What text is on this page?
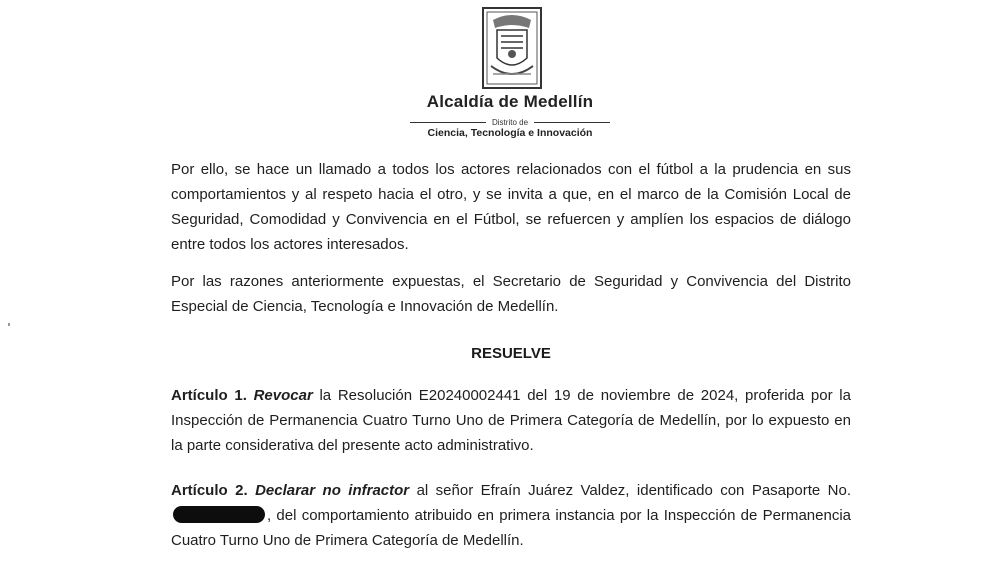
Alcaldía de Medellín
Distrito de
Ciencia, Tecnología e Innovación

Por ello, se hace un llamado a todos los actores relacionados con el fútbol a la prudencia en sus comportamientos y al respeto hacia el otro, y se invita a que, en el marco de la Comisión Local de Seguridad, Comodidad y Convivencia en el Fútbol, se refuercen y amplíen los espacios de diálogo entre todos los actores interesados.

Por las razones anteriormente expuestas, el Secretario de Seguridad y Convivencia del Distrito Especial de Ciencia, Tecnología e Innovación de Medellín.

RESUELVE

Artículo 1. Revocar la Resolución E20240002441 del 19 de noviembre de 2024, proferida por la Inspección de Permanencia Cuatro Turno Uno de Primera Categoría de Medellín, por lo expuesto en la parte considerativa del presente acto administrativo.

Artículo 2. Declarar no infractor al señor Efraín Juárez Valdez, identificado con Pasaporte No., del comportamiento atribuido en primera instancia por la Inspección de Permanencia Cuatro Turno Uno de Primera Categoría de Medellín.
